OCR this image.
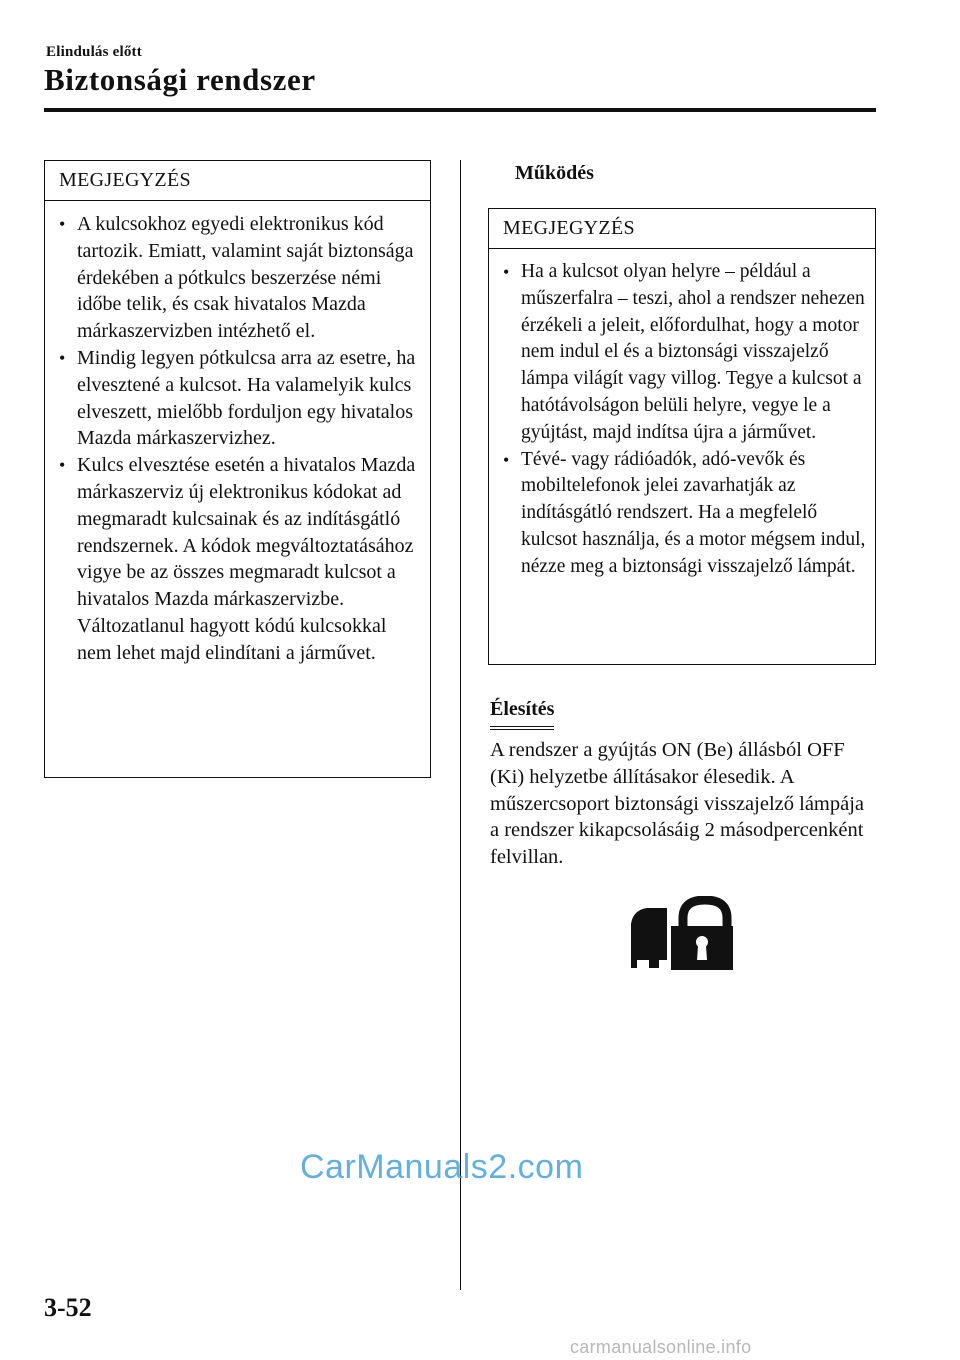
Elindulás előtt
Biztonsági rendszer
MEGJEGYZÉS
• A kulcsokhoz egyedi elektronikus kód tartozik. Emiatt, valamint saját biztonsága érdekében a pótkulcs beszerzése némi időbe telik, és csak hivatalos Mazda márkaszervizben intézhető el.
• Mindig legyen pótkulcsa arra az esetre, ha elvesztené a kulcsot. Ha valamelyik kulcs elveszett, mielőbb forduljon egy hivatalos Mazda márkaszervizhez.
• Kulcs elvesztése esetén a hivatalos Mazda márkaszerviz új elektronikus kódokat ad megmaradt kulcsainak és az indításgátló rendszernek. A kódok megváltoztatásához vigye be az összes megmaradt kulcsot a hivatalos Mazda márkaszervizbe. Változatlanul hagyott kódú kulcsokkal nem lehet majd elindítani a járművet.
Működés
MEGJEGYZÉS
• Ha a kulcsot olyan helyre – például a műszerfalra – teszi, ahol a rendszer nehezen érzékeli a jeleit, előfordulhat, hogy a motor nem indul el és a biztonsági visszajelző lámpa világít vagy villog. Tegye a kulcsot a hatótávolságon belüli helyre, vegye le a gyújtást, majd indítsa újra a járművet.
• Tévé- vagy rádióadók, adó-vevők és mobiltelefonok jelei zavarhatják az indításgátló rendszert. Ha a megfelelő kulcsot használja, és a motor mégsem indul, nézze meg a biztonsági visszajelző lámpát.
Élesítés

A rendszer a gyújtás ON (Be) állásból OFF (Ki) helyzetbe állításakor élesedik. A műszercsoport biztonsági visszajelző lámpája a rendszer kikapcsolásáig 2 másodpercenként felvillan.

3-52
CarManuals2.com
carmanualsonline.info
